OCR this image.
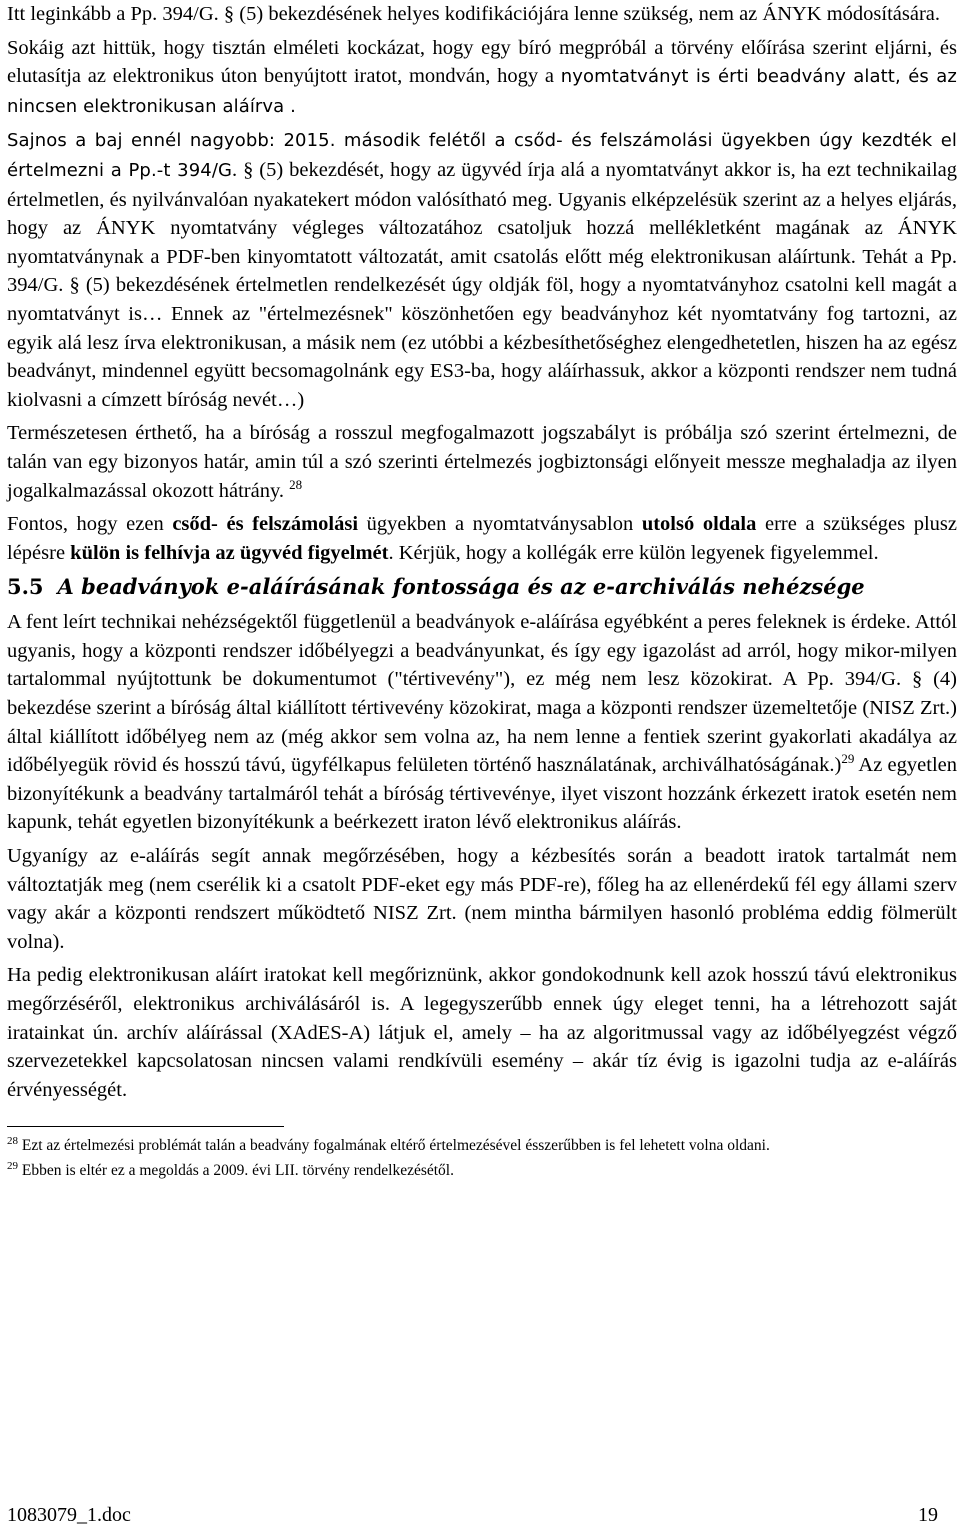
Itt leginkább a Pp. 394/G. § (5) bekezdésének helyes kodifikációjára lenne szükség, nem az ÁNYK módosítására.

Sokáig azt hittük, hogy tisztán elméleti kockázat, hogy egy bíró megpróbál a törvény előírása szerint eljárni, és elutasítja az elektronikus úton benyújtott iratot, mondván, hogy a nyomtatványt is érti beadvány alatt, és az nincsen elektronikusan aláírva .

Sajnos a baj ennél nagyobb: 2015. második felétől a csőd- és felszámolási ügyekben úgy kezdték el értelmezni a Pp.-t 394/G. § (5) bekezdését, hogy az ügyvéd írja alá a nyomtatványt akkor is, ha ezt technikailag értelmetlen, és nyilvánvalóan nyakatekert módon valósítható meg. Ugyanis elképzelésük szerint az a helyes eljárás, hogy az ÁNYK nyomtatvány végleges változatához csatoljuk hozzá mellékletként magának az ÁNYK nyomtatványnak a PDF-ben kinyomtatott változatát, amit csatolás előtt még elektronikusan aláírtunk. Tehát a Pp. 394/G. § (5) bekezdésének értelmetlen rendelkezését úgy oldják föl, hogy a nyomtatványhoz csatolni kell magát a nyomtatványt is… Ennek az "értelmezésnek" köszönhetően egy beadványhoz két nyomtatvány fog tartozni, az egyik alá lesz írva elektronikusan, a másik nem (ez utóbbi a kézbesíthetőséghez elengedhetetlen, hiszen ha az egész beadványt, mindennel együtt becsomagolnánk egy ES3-ba, hogy aláírhassuk, akkor a központi rendszer nem tudná kiolvasni a címzett bíróság nevét…)

Természetesen érthető, ha a bíróság a rosszul megfogalmazott jogszabályt is próbálja szó szerint értelmezni, de talán van egy bizonyos határ, amin túl a szó szerinti értelmezés jogbiztonsági előnyeit messze meghaladja az ilyen jogalkalmazással okozott hátrány. $^{28}$

Fontos, hogy ezen csőd- és felszámolási ügyekben a nyomtatványsablon utolsó oldala erre a szükséges plusz lépésre külön is felhívja az ügyvéd figyelmét. Kérjük, hogy a kollégák erre külön legyenek figyelemmel.

5.5 A beadványok e-aláírásának fontossága és az e-archiválás nehézsége

A fent leírt technikai nehézségektől függetlenül a beadványok e-aláírása egyébként a peres feleknek is érdeke. Attól ugyanis, hogy a központi rendszer időbélyegzi a beadványunkat, és így egy igazolást ad arról, hogy mikor-milyen tartalommal nyújtottunk be dokumentumot ("tértivevény"), ez még nem lesz közokirat. A Pp. 394/G. § (4) bekezdése szerint a bíróság által kiállított tértivevény közokirat, maga a központi rendszer üzemeltetője (NISZ Zrt.) által kiállított időbélyeg nem az (még akkor sem volna az, ha nem lenne a fentiek szerint gyakorlati akadálya az időbélyegük rövid és hosszú távú, ügyfélkapus felületen történő használatának, archiválhatóságának.)$^{29}$ Az egyetlen bizonyítékunk a beadvány tartalmáról tehát a bíróság tértivevénye, ilyet viszont hozzánk érkezett iratok esetén nem kapunk, tehát egyetlen bizonyítékunk a beérkezett iraton lévő elektronikus aláírás.

Ugyanígy az e-aláírás segít annak megőrzésében, hogy a kézbesítés során a beadott iratok tartalmát nem változtatják meg (nem cserélik ki a csatolt PDF-eket egy más PDF-re), főleg ha az ellenérdekű fél egy állami szerv vagy akár a központi rendszert működtető NISZ Zrt. (nem mintha bármilyen hasonló probléma eddig fölmerült volna).

Ha pedig elektronikusan aláírt iratokat kell megőriznünk, akkor gondokodnunk kell azok hosszú távú elektronikus megőrzéséről, elektronikus archiválásáról is. A legegyszerűbb ennek úgy eleget tenni, ha a létrehozott saját iratainkat ún. archív aláírással (XAdES-A) látjuk el, amely – ha az algoritmussal vagy az időbélyegzést végző szervezetekkel kapcsolatosan nincsen valami rendkívüli esemény – akár tíz évig is igazolni tudja az e-aláírás érvényességét.

$^{28}$ Ezt az értelmezési problémát talán a beadvány fogalmának eltérő értelmezésével ésszerűbben is fel lehetett volna oldani.

$^{29}$ Ebben is eltér ez a megoldás a 2009. évi LII. törvény rendelkezésétől.

1083079_1.doc	19
